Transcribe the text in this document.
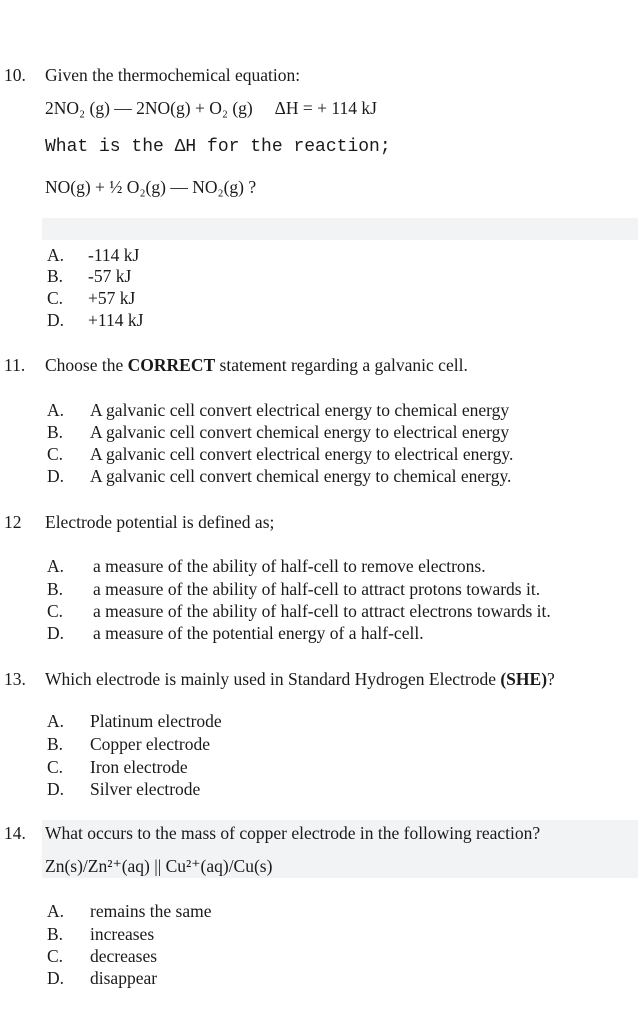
10. Given the thermochemical equation:
2NO₂ (g) — 2NO(g) + O₂ (g)     ΔH = + 114 kJ
What is the ΔH for the reaction;
NO(g) + ½ O₂(g) — NO₂(g) ?
A. -114 kJ
B. -57 kJ
C. +57 kJ
D. +114 kJ
11. Choose the CORRECT statement regarding a galvanic cell.
A. A galvanic cell convert electrical energy to chemical energy
B. A galvanic cell convert chemical energy to electrical energy
C. A galvanic cell convert electrical energy to electrical energy.
D. A galvanic cell convert chemical energy to chemical energy.
12 Electrode potential is defined as;
A. a measure of the ability of half-cell to remove electrons.
B. a measure of the ability of half-cell to attract protons towards it.
C. a measure of the ability of half-cell to attract electrons towards it.
D. a measure of the potential energy of a half-cell.
13. Which electrode is mainly used in Standard Hydrogen Electrode (SHE)?
A. Platinum electrode
B. Copper electrode
C. Iron electrode
D. Silver electrode
14. What occurs to the mass of copper electrode in the following reaction?
Zn(s)/Zn²⁺(aq) || Cu²⁺(aq)/Cu(s)
A. remains the same
B. increases
C. decreases
D. disappear
